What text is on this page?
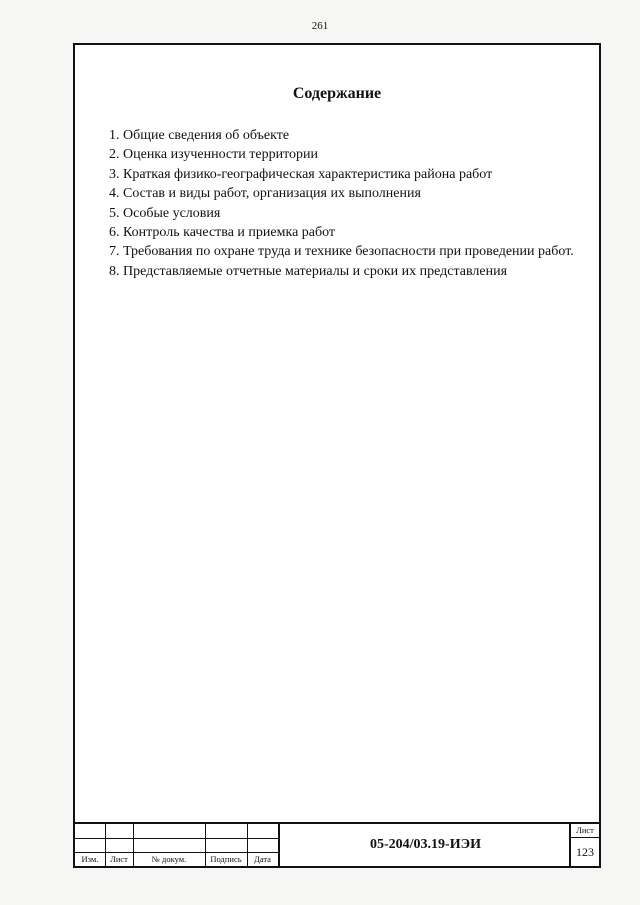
261
Содержание
1. Общие сведения об объекте
2. Оценка изученности территории
3. Краткая физико-географическая характеристика района работ
4. Состав и виды работ, организация их выполнения
5. Особые условия
6. Контроль качества и приемка работ
7. Требования по охране труда и технике безопасности при проведении работ.
8. Представляемые отчетные материалы и сроки их представления
Изм.	Лист	№ докум.	Подпись	Дата
05-204/03.19-ИЭИ
Лист
123
